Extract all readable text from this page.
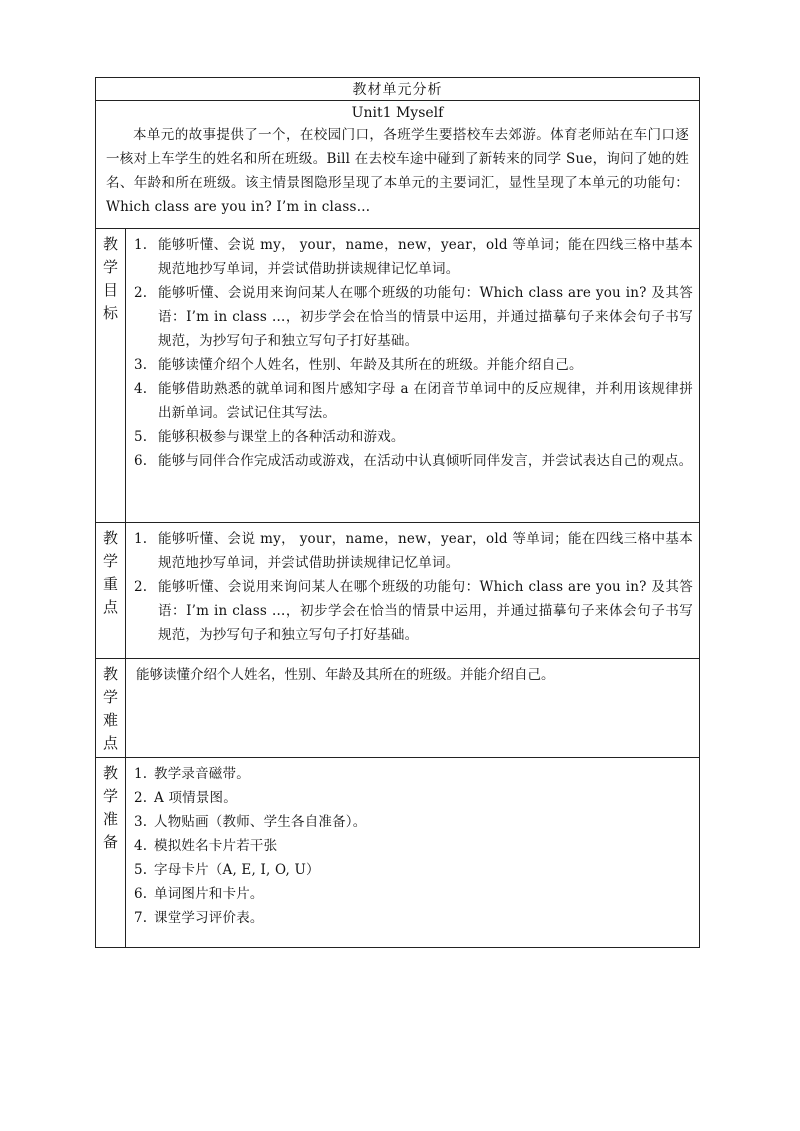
教材单元分析
Unit1 Myself
本单元的故事提供了一个，在校园门口，各班学生要搭校车去郊游。体育老师站在车门口逐一核对上车学生的姓名和所在班级。Bill 在去校车途中碰到了新转来的同学 Sue，询问了她的姓名、年龄和所在班级。该主情景图隐形呈现了本单元的主要词汇，显性呈现了本单元的功能句：Which class are you in? I’m in class…
教
学
目
标
1. 能够听懂、会说 my， your，name，new，year，old 等单词；能在四线三格中基本规范地抄写单词，并尝试借助拼读规律记忆单词。
2. 能够听懂、会说用来询问某人在哪个班级的功能句：Which class are you in? 及其答语：I’m in class …，初步学会在恰当的情景中运用，并通过描摹句子来体会句子书写规范，为抄写句子和独立写句子打好基础。
3. 能够读懂介绍个人姓名，性别、年龄及其所在的班级。并能介绍自己。
4. 能够借助熟悉的就单词和图片感知字母 a 在闭音节单词中的反应规律，并利用该规律拼出新单词。尝试记住其写法。
5. 能够积极参与课堂上的各种活动和游戏。
6. 能够与同伴合作完成活动或游戏，在活动中认真倾听同伴发言，并尝试表达自己的观点。
教
学
重
点
1. 能够听懂、会说 my， your，name，new，year，old 等单词；能在四线三格中基本规范地抄写单词，并尝试借助拼读规律记忆单词。
2. 能够听懂、会说用来询问某人在哪个班级的功能句：Which class are you in? 及其答语：I’m in class …，初步学会在恰当的情景中运用，并通过描摹句子来体会句子书写规范，为抄写句子和独立写句子打好基础。
教
学
难
点
能够读懂介绍个人姓名，性别、年龄及其所在的班级。并能介绍自己。
教
学
准
备
1. 教学录音磁带。
2. A 项情景图。
3. 人物贴画（教师、学生各自准备）。
4. 模拟姓名卡片若干张
5. 字母卡片（A, E, I, O, U）
6. 单词图片和卡片。
7. 课堂学习评价表。
